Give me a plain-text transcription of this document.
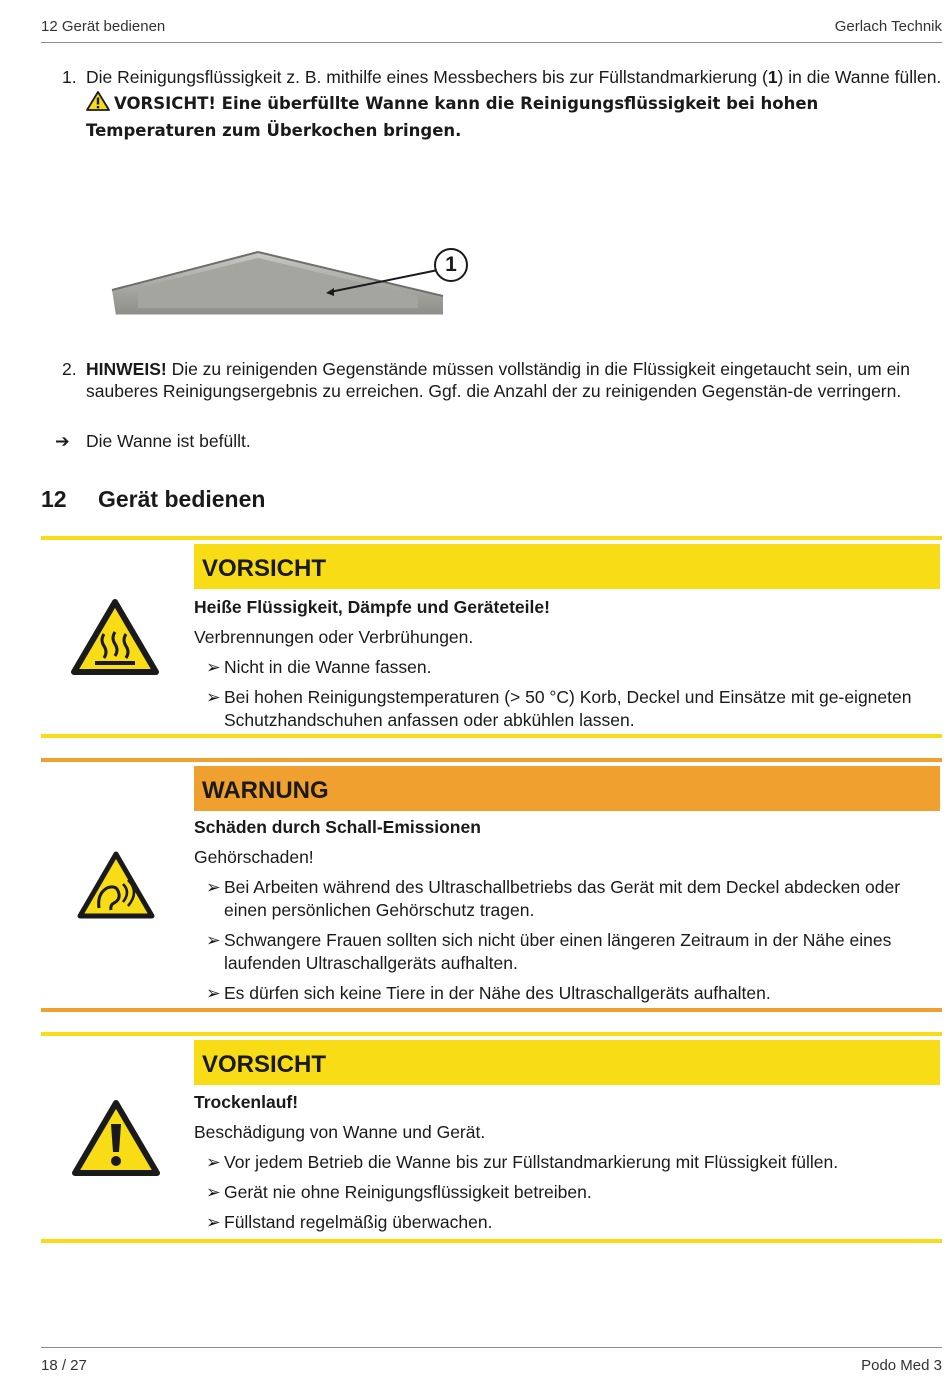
12 Gerät bedienen	Gerlach Technik
1. Die Reinigungsflüssigkeit z. B. mithilfe eines Messbechers bis zur Füllstandmarkierung (1) in die Wanne füllen.
VORSICHT! Eine überfüllte Wanne kann die Reinigungsflüssigkeit bei hohen
Temperaturen zum Überkochen bringen.
1
2. HINWEIS! Die zu reinigenden Gegenstände müssen vollständig in die Flüssigkeit eingetaucht sein, um ein sauberes Reinigungsergebnis zu erreichen. Ggf. die Anzahl der zu reinigenden Gegenstän-de verringern.
➔ Die Wanne ist befüllt.
12 Gerät bedienen
VORSICHT
Heiße Flüssigkeit, Dämpfe und Geräteteile!
Verbrennungen oder Verbrühungen.
➢ Nicht in die Wanne fassen.
➢ Bei hohen Reinigungstemperaturen (> 50 °C) Korb, Deckel und Einsätze mit ge-eigneten Schutzhandschuhen anfassen oder abkühlen lassen.
WARNUNG
Schäden durch Schall-Emissionen
Gehörschaden!
➢ Bei Arbeiten während des Ultraschallbetriebs das Gerät mit dem Deckel abdecken oder einen persönlichen Gehörschutz tragen.
➢ Schwangere Frauen sollten sich nicht über einen längeren Zeitraum in der Nähe eines laufenden Ultraschallgeräts aufhalten.
➢ Es dürfen sich keine Tiere in der Nähe des Ultraschallgeräts aufhalten.
VORSICHT
Trockenlauf!
Beschädigung von Wanne und Gerät.
➢ Vor jedem Betrieb die Wanne bis zur Füllstandmarkierung mit Flüssigkeit füllen.
➢ Gerät nie ohne Reinigungsflüssigkeit betreiben.
➢ Füllstand regelmäßig überwachen.
18 / 27	Podo Med 3
